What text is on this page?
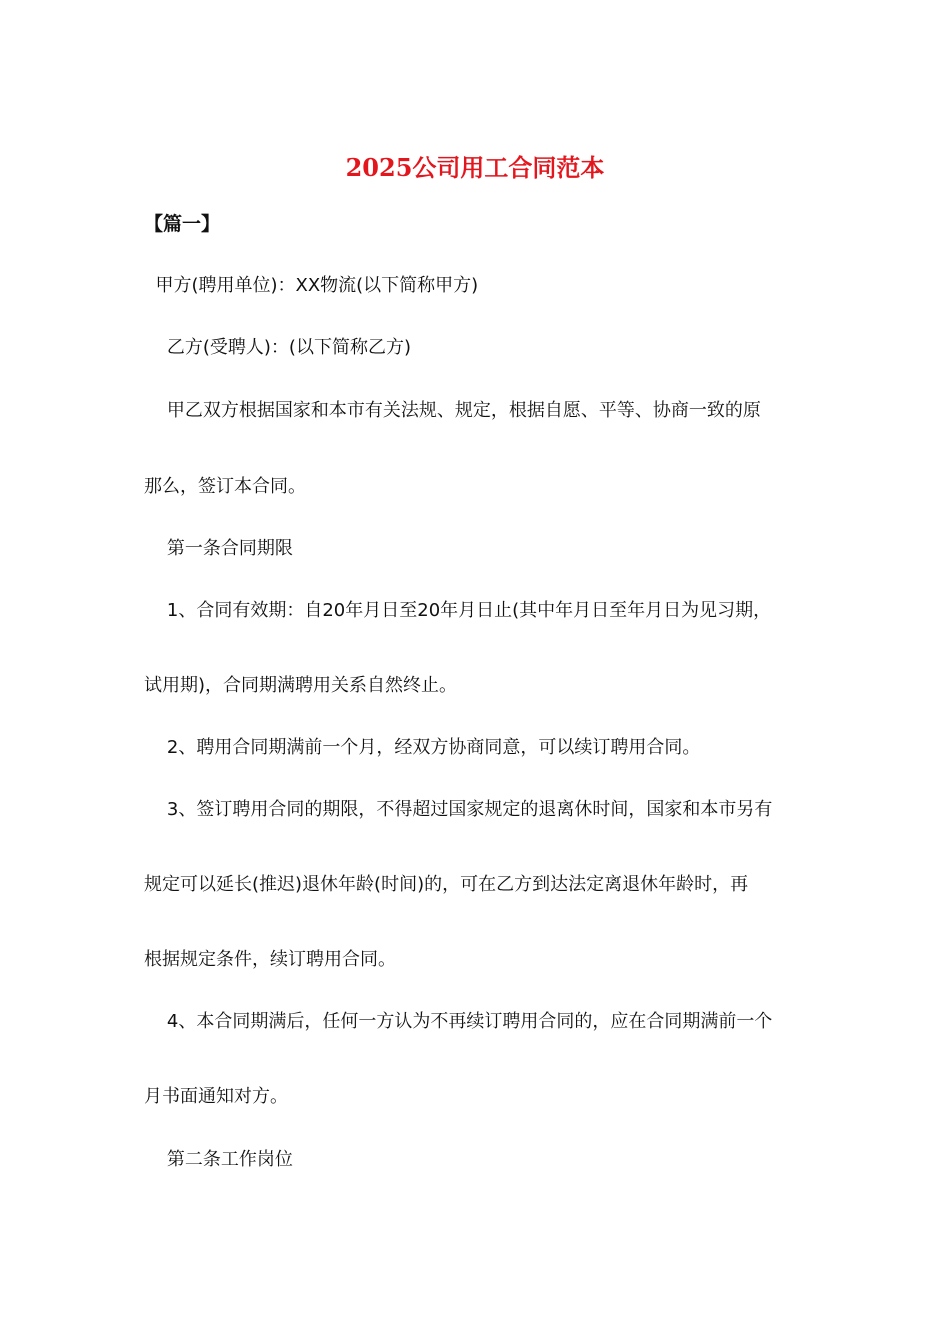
2025公司用工合同范本

【篇一】

甲方(聘用单位)：XX物流(以下简称甲方)

乙方(受聘人)：(以下简称乙方)

甲乙双方根据国家和本市有关法规、规定，根据自愿、平等、协商一致的原

那么，签订本合同。

第一条合同期限

1、合同有效期：自20年月日至20年月日止(其中年月日至年月日为见习期，

试用期)，合同期满聘用关系自然终止。

2、聘用合同期满前一个月，经双方协商同意，可以续订聘用合同。

3、签订聘用合同的期限，不得超过国家规定的退离休时间，国家和本市另有

规定可以延长(推迟)退休年龄(时间)的，可在乙方到达法定离退休年龄时，再

根据规定条件，续订聘用合同。

4、本合同期满后，任何一方认为不再续订聘用合同的，应在合同期满前一个

月书面通知对方。

第二条工作岗位
